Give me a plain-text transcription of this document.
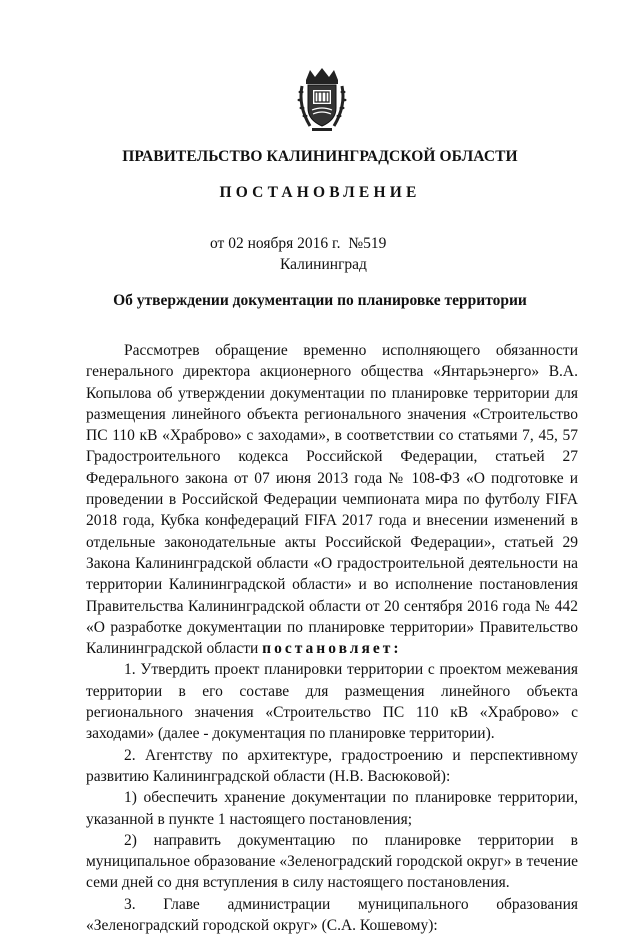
ПРАВИТЕЛЬСТВО КАЛИНИНГРАДСКОЙ ОБЛАСТИ
ПОСТАНОВЛЕНИЕ
от 02 ноября 2016 г. №519
Калининград
Об утверждении документации по планировке территории

Рассмотрев обращение временно исполняющего обязанности генерального директора акционерного общества «Янтарьэнерго» В.А. Копылова об утверждении документации по планировке территории для размещения линейного объекта регионального значения «Строительство ПС 110 кВ «Храброво» с заходами», в соответствии со статьями 7, 45, 57 Градостроительного кодекса Российской Федерации, статьей 27 Федерального закона от 07 июня 2013 года № 108-ФЗ «О подготовке и проведении в Российской Федерации чемпионата мира по футболу FIFA 2018 года, Кубка конфедераций FIFA 2017 года и внесении изменений в отдельные законодательные акты Российской Федерации», статьей 29 Закона Калининградской области «О градостроительной деятельности на территории Калининградской области» и во исполнение постановления Правительства Калининградской области от 20 сентября 2016 года № 442 «О разработке документации по планировке территории» Правительство Калининградской области постановляет:

1. Утвердить проект планировки территории с проектом межевания территории в его составе для размещения линейного объекта регионального значения «Строительство ПС 110 кВ «Храброво» с заходами» (далее - документация по планировке территории).

2. Агентству по архитектуре, градостроению и перспективному развитию Калининградской области (Н.В. Васюковой):

1) обеспечить хранение документации по планировке территории, указанной в пункте 1 настоящего постановления;

2) направить документацию по планировке территории в муниципальное образование «Зеленоградский городской округ» в течение семи дней со дня вступления в силу настоящего постановления.

3. Главе администрации муниципального образования «Зеленоградский городской округ» (С.А. Кошевому):
